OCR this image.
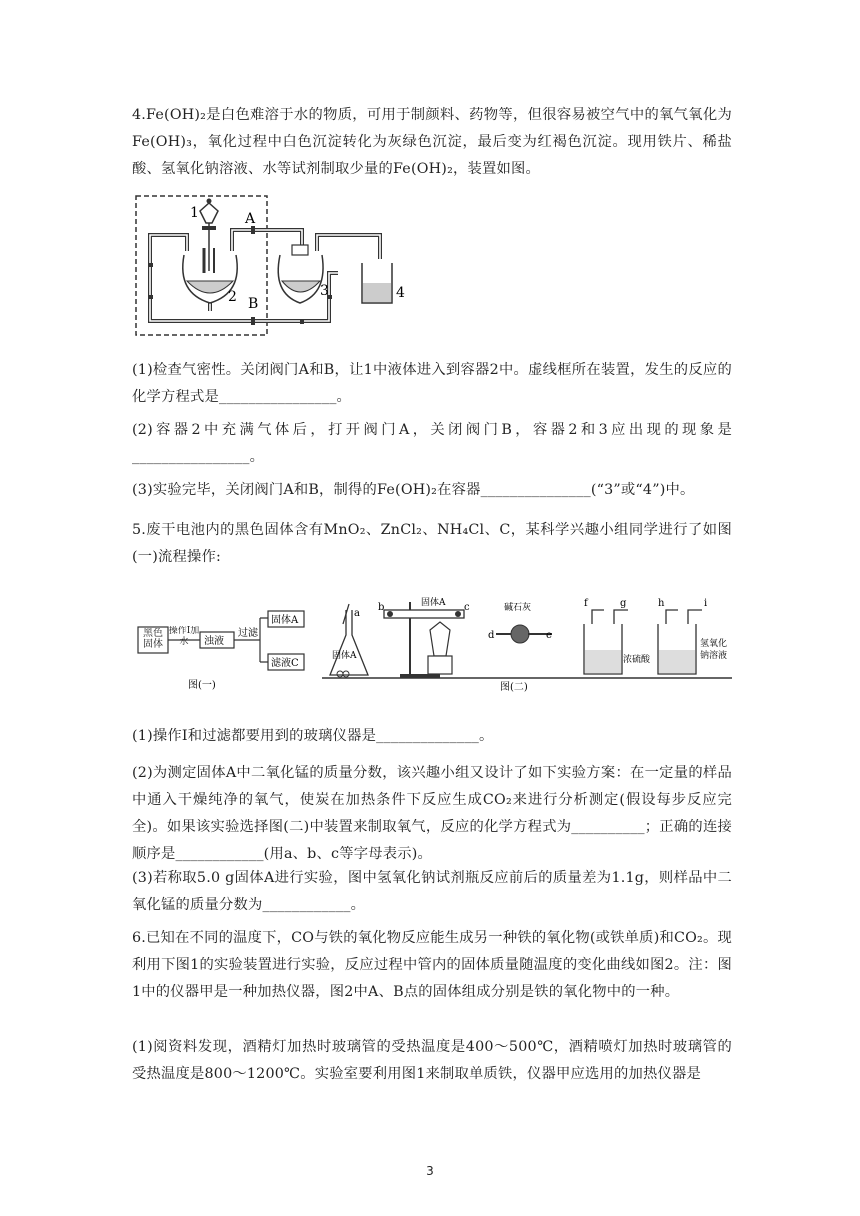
4.Fe(OH)₂是白色难溶于水的物质，可用于制颜料、药物等，但很容易被空气中的氧气氧化为Fe(OH)₃，氧化过程中白色沉淀转化为灰绿色沉淀，最后变为红褐色沉淀。现用铁片、稀盐酸、氢氧化钠溶液、水等试剂制取少量的Fe(OH)₂，装置如图。
1	A
2 B
3	4
(1)检查气密性。关闭阀门A和B，让1中液体进入到容器2中。虚线框所在装置，发生的反应的化学方程式是________________。
(2)容器2中充满气体后，打开阀门A，关闭阀门B，容器2和3应出现的现象是________________。
(3)实验完毕，关闭阀门A和B，制得的Fe(OH)₂在容器_______________(“3”或“4”)中。
5.废干电池内的黑色固体含有MnO₂、ZnCl₂、NH₄Cl、C，某科学兴趣小组同学进行了如图(一)流程操作:
黑色固体
操作Ⅰ加水	浊液
过滤
固体A
滤液C
图(一)
a
固体A
b	c
固体A	碱石灰
d	e
f	g
浓硫酸
h	i
氢氧化
钠溶液
图(二)
(1)操作Ⅰ和过滤都要用到的玻璃仪器是______________。
(2)为测定固体A中二氧化锰的质量分数，该兴趣小组又设计了如下实验方案：在一定量的样品中通入干燥纯净的氧气，使炭在加热条件下反应生成CO₂来进行分析测定(假设每步反应完全)。如果该实验选择图(二)中装置来制取氧气，反应的化学方程式为__________；正确的连接顺序是____________(用a、b、c等字母表示)。
(3)若称取5.0 g固体A进行实验，图中氢氧化钠试剂瓶反应前后的质量差为1.1g，则样品中二氧化锰的质量分数为____________。
6.已知在不同的温度下，CO与铁的氧化物反应能生成另一种铁的氧化物(或铁单质)和CO₂。现利用下图1的实验装置进行实验，反应过程中管内的固体质量随温度的变化曲线如图2。注：图1中的仪器甲是一种加热仪器，图2中A、B点的固体组成分别是铁的氧化物中的一种。
(1)阅资料发现，酒精灯加热时玻璃管的受热温度是400～500℃，酒精喷灯加热时玻璃管的受热温度是800～1200℃。实验室要利用图1来制取单质铁，仪器甲应选用的加热仪器是
3
